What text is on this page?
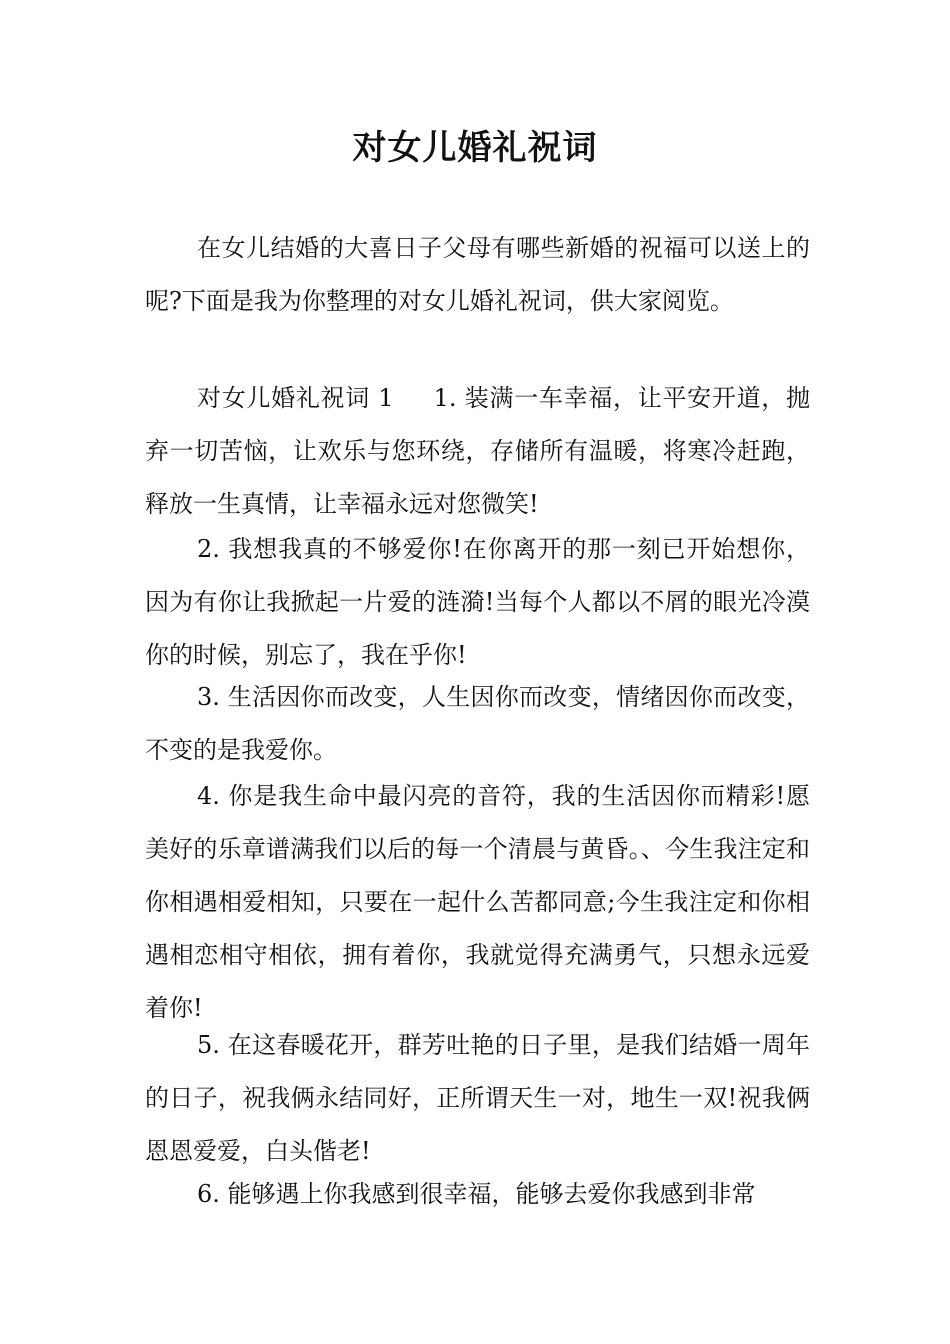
对女儿婚礼祝词
在女儿结婚的大喜日子父母有哪些新婚的祝福可以送上的呢?下面是我为你整理的对女儿婚礼祝词，供大家阅览。
对女儿婚礼祝词 1 1. 装满一车幸福，让平安开道，抛弃一切苦恼，让欢乐与您环绕，存储所有温暖，将寒冷赶跑，释放一生真情，让幸福永远对您微笑!
2. 我想我真的不够爱你!在你离开的那一刻已开始想你，因为有你让我掀起一片爱的涟漪!当每个人都以不屑的眼光冷漠你的时候，别忘了，我在乎你!
3. 生活因你而改变，人生因你而改变，情绪因你而改变，不变的是我爱你。
4. 你是我生命中最闪亮的音符，我的生活因你而精彩!愿美好的乐章谱满我们以后的每一个清晨与黄昏。、今生我注定和你相遇相爱相知，只要在一起什么苦都同意;今生我注定和你相遇相恋相守相依，拥有着你，我就觉得充满勇气，只想永远爱着你!
5. 在这春暖花开，群芳吐艳的日子里，是我们结婚一周年的日子，祝我俩永结同好，正所谓天生一对，地生一双!祝我俩恩恩爱爱，白头偕老!
6. 能够遇上你我感到很幸福，能够去爱你我感到非常
